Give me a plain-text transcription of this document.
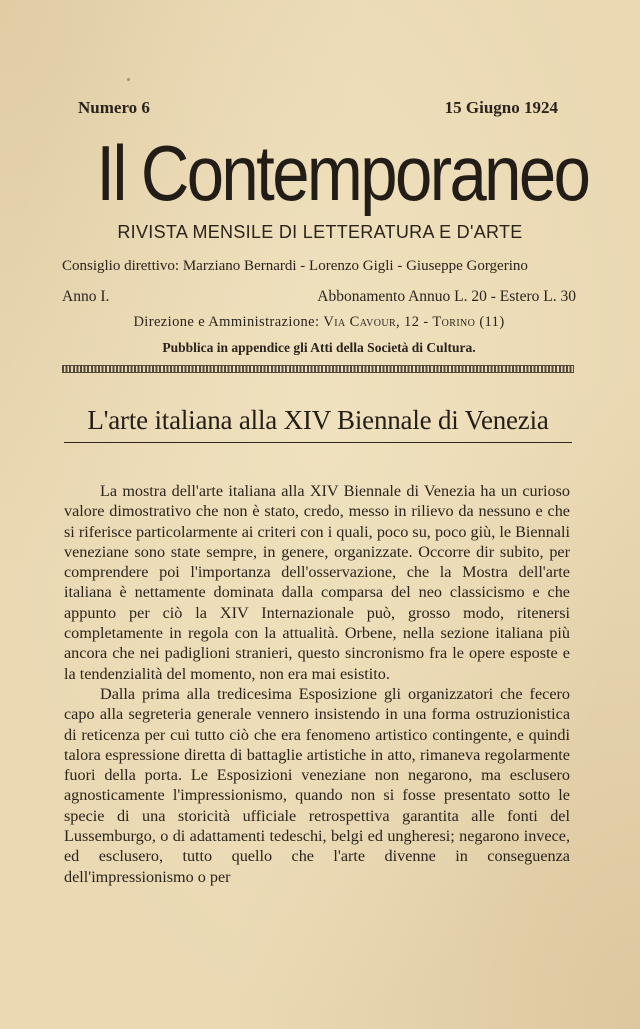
Numero 6	15 Giugno 1924
Il Contemporaneo
RIVISTA MENSILE DI LETTERATURA E D'ARTE
Consiglio direttivo: Marziano Bernardi - Lorenzo Gigli - Giuseppe Gorgerino
Anno I.	Abbonamento Annuo L. 20 - Estero L. 30
Direzione e Amministrazione: Via Cavour, 12 - Torino (11)
Pubblica in appendice gli Atti della Società di Cultura.
L'arte italiana alla XIV Biennale di Venezia

La mostra dell'arte italiana alla XIV Biennale di Venezia ha un curioso valore dimostrativo che non è stato, credo, messo in rilievo da nessuno e che si riferisce particolarmente ai criteri con i quali, poco su, poco giù, le Biennali veneziane sono state sempre, in genere, organizzate. Occorre dir subito, per comprendere poi l'importanza dell'osservazione, che la Mostra dell'arte italiana è nettamente dominata dalla comparsa del neo classicismo e che appunto per ciò la XIV Internazionale può, grosso modo, ritenersi completamente in regola con la attualità. Orbene, nella sezione italiana più ancora che nei padiglioni stranieri, questo sincronismo fra le opere esposte e la tendenzialità del momento, non era mai esistito.

Dalla prima alla tredicesima Esposizione gli organizzatori che fecero capo alla segreteria generale vennero insistendo in una forma ostruzionistica di reticenza per cui tutto ciò che era fenomeno artistico contingente, e quindi talora espressione diretta di battaglie artistiche in atto, rimaneva regolarmente fuori della porta. Le Esposizioni veneziane non negarono, ma esclusero agnosticamente l'impressionismo, quando non si fosse presentato sotto le specie di una storicità ufficiale retrospettiva garantita alle fonti del Lussemburgo, o di adattamenti tedeschi, belgi ed ungheresi; negarono invece, ed esclusero, tutto quello che l'arte divenne in conseguenza dell'impressionismo o per
